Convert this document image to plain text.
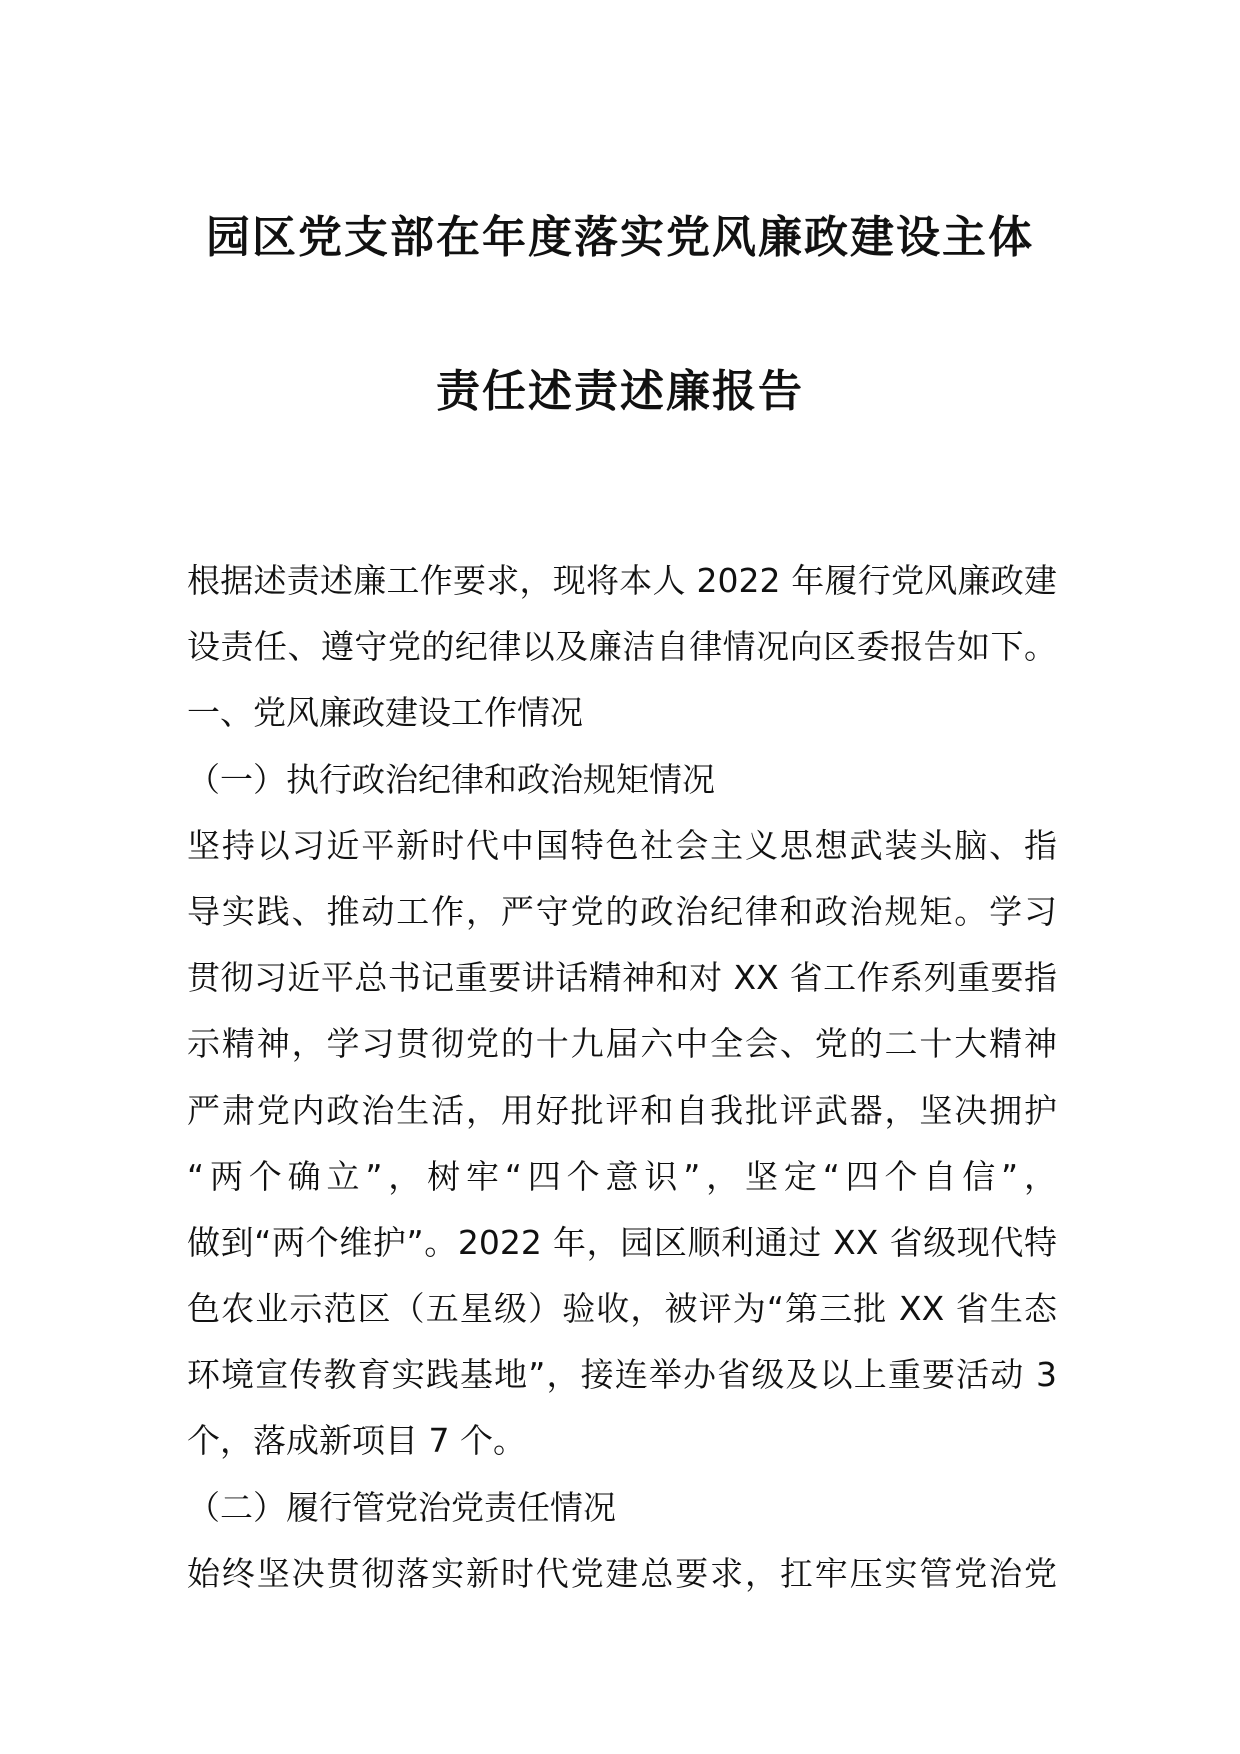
园区党支部在年度落实党风廉政建设主体
责任述责述廉报告
根据述责述廉工作要求，现将本人 2022 年履行党风廉政建
设责任、遵守党的纪律以及廉洁自律情况向区委报告如下。
一、党风廉政建设工作情况
（一）执行政治纪律和政治规矩情况
坚持以习近平新时代中国特色社会主义思想武装头脑、指
导实践、推动工作，严守党的政治纪律和政治规矩。学习
贯彻习近平总书记重要讲话精神和对 XX 省工作系列重要指
示精神，学习贯彻党的十九届六中全会、党的二十大精神
严肃党内政治生活，用好批评和自我批评武器，坚决拥护
“两个确立”，树牢“四个意识”，坚定“四个自信”，
做到“两个维护”。2022 年，园区顺利通过 XX 省级现代特
色农业示范区（五星级）验收，被评为“第三批 XX 省生态
环境宣传教育实践基地”，接连举办省级及以上重要活动 3
个，落成新项目 7 个。
（二）履行管党治党责任情况
始终坚决贯彻落实新时代党建总要求，扛牢压实管党治党
